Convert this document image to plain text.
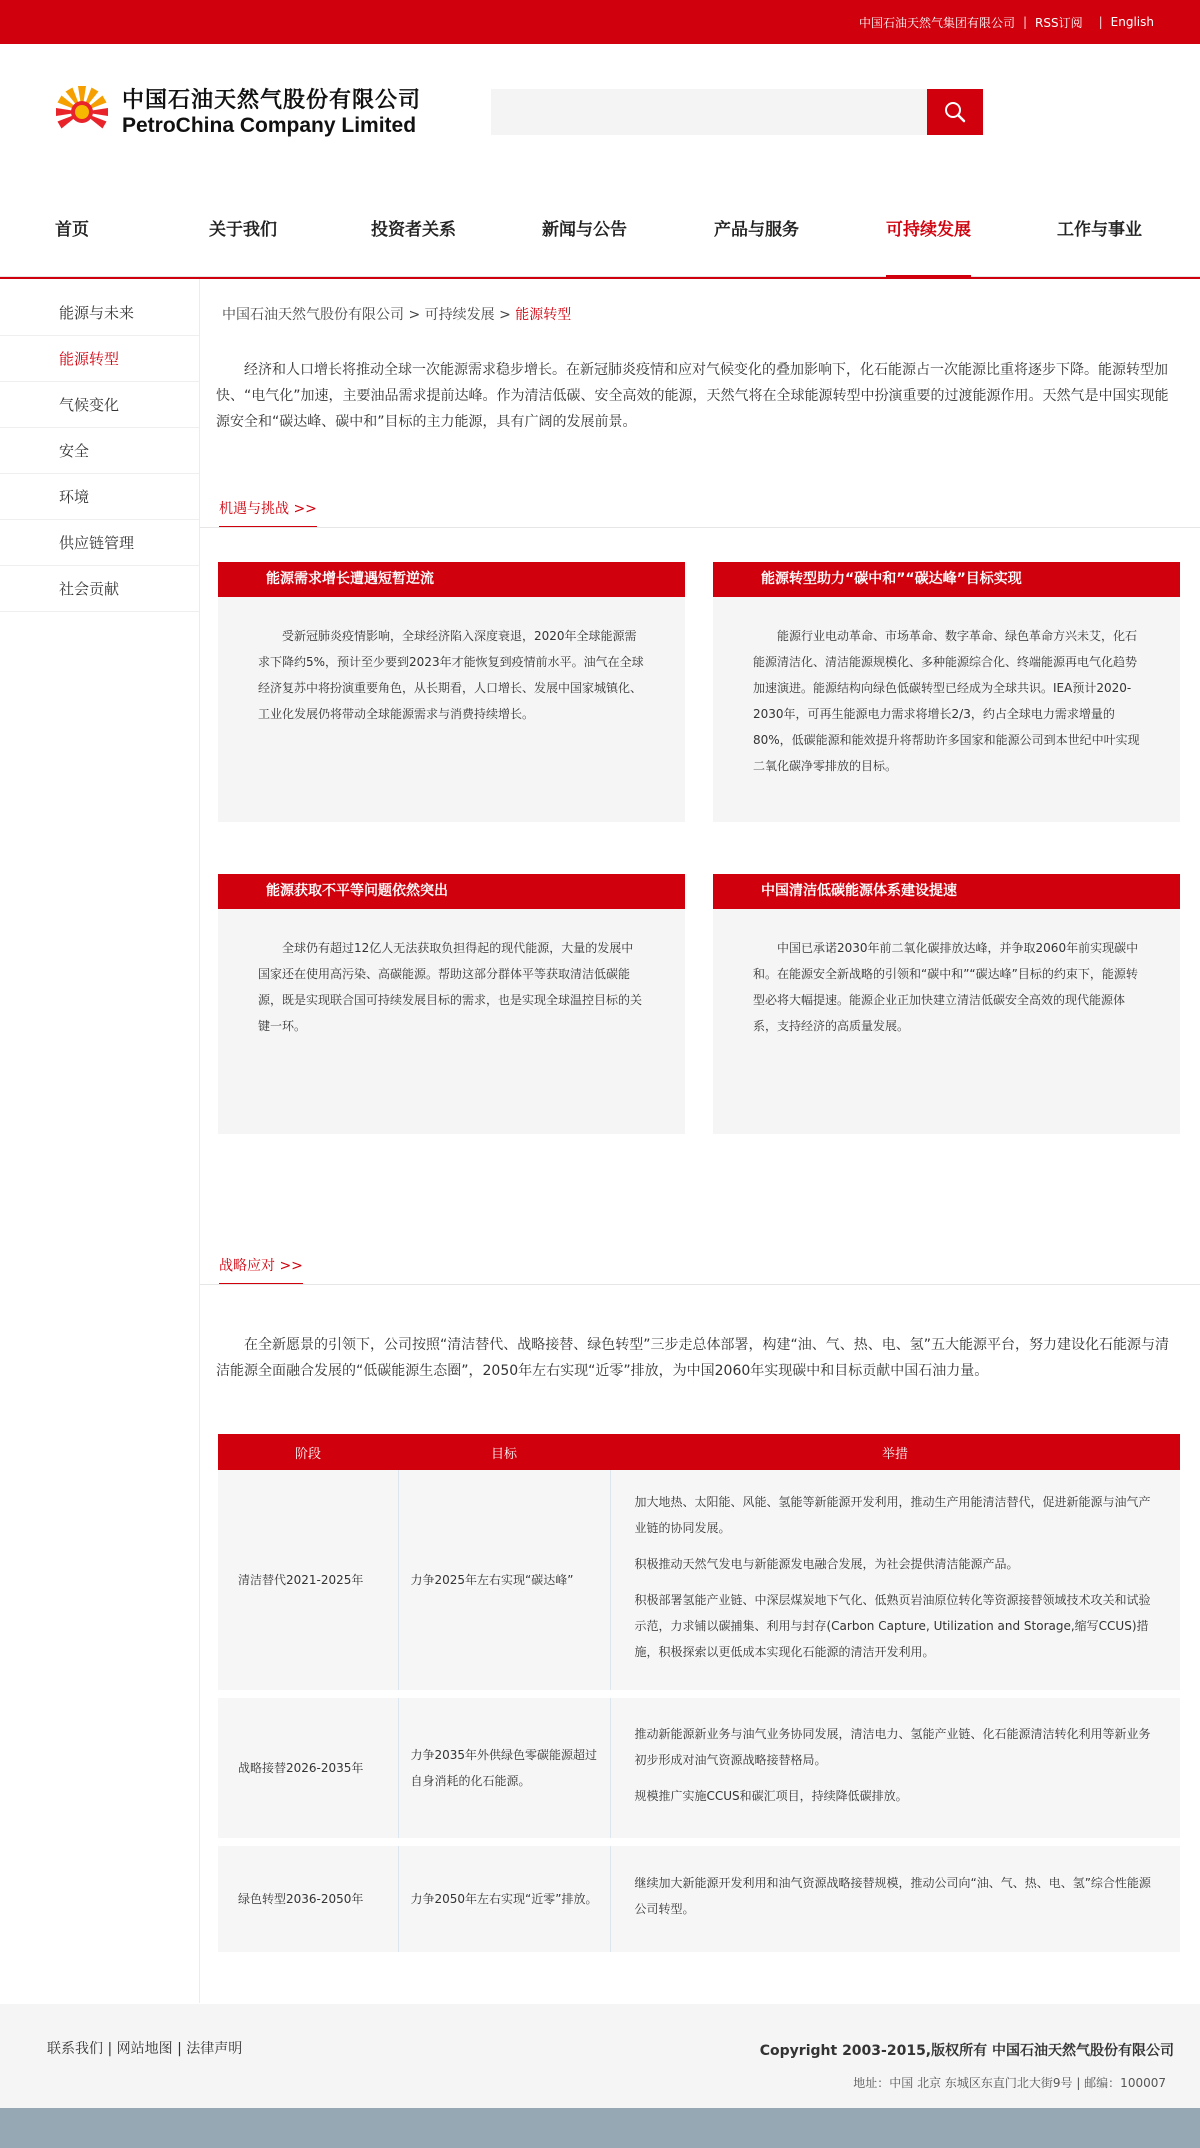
中国石油天然气集团有限公司 | RSS订阅 | English
中国石油天然气股份有限公司
PetroChina Company Limited
首页	关于我们	投资者关系	新闻与公告	产品与服务	可持续发展	工作与事业
能源与未来
能源转型
气候变化
安全
环境
供应链管理
社会贡献
中国石油天然气股份有限公司 > 可持续发展 > 能源转型
经济和人口增长将推动全球一次能源需求稳步增长。在新冠肺炎疫情和应对气候变化的叠加影响下，化石能源占一次能源比重将逐步下降。能源转型加快、“电气化”加速，主要油品需求提前达峰。作为清洁低碳、安全高效的能源，天然气将在全球能源转型中扮演重要的过渡能源作用。天然气是中国实现能源安全和“碳达峰、碳中和”目标的主力能源，具有广阔的发展前景。
机遇与挑战 >>
能源需求增长遭遇短暂逆流
受新冠肺炎疫情影响，全球经济陷入深度衰退，2020年全球能源需求下降约5%，预计至少要到2023年才能恢复到疫情前水平。油气在全球经济复苏中将扮演重要角色，从长期看，人口增长、发展中国家城镇化、工业化发展仍将带动全球能源需求与消费持续增长。
能源转型助力“碳中和”“碳达峰”目标实现
能源行业电动革命、市场革命、数字革命、绿色革命方兴未艾，化石能源清洁化、清洁能源规模化、多种能源综合化、终端能源再电气化趋势加速演进。能源结构向绿色低碳转型已经成为全球共识。IEA预计2020-2030年，可再生能源电力需求将增长2/3，约占全球电力需求增量的80%，低碳能源和能效提升将帮助许多国家和能源公司到本世纪中叶实现二氧化碳净零排放的目标。
能源获取不平等问题依然突出
全球仍有超过12亿人无法获取负担得起的现代能源，大量的发展中国家还在使用高污染、高碳能源。帮助这部分群体平等获取清洁低碳能源，既是实现联合国可持续发展目标的需求，也是实现全球温控目标的关键一环。
中国清洁低碳能源体系建设提速
中国已承诺2030年前二氧化碳排放达峰，并争取2060年前实现碳中和。在能源安全新战略的引领和“碳中和”“碳达峰”目标的约束下，能源转型必将大幅提速。能源企业正加快建立清洁低碳安全高效的现代能源体系，支持经济的高质量发展。
战略应对 >>
在全新愿景的引领下，公司按照“清洁替代、战略接替、绿色转型”三步走总体部署，构建“油、气、热、电、氢”五大能源平台，努力建设化石能源与清洁能源全面融合发展的“低碳能源生态圈”，2050年左右实现“近零”排放，为中国2060年实现碳中和目标贡献中国石油力量。
阶段	目标	举措
清洁替代2021-2025年	力争2025年左右实现“碳达峰”	加大地热、太阳能、风能、氢能等新能源开发利用，推动生产用能清洁替代，促进新能源与油气产业链的协同发展。

积极推动天然气发电与新能源发电融合发展，为社会提供清洁能源产品。

积极部署氢能产业链、中深层煤炭地下气化、低熟页岩油原位转化等资源接替领域技术攻关和试验示范，力求铺以碳捕集、利用与封存(Carbon Capture, Utilization and Storage,缩写CCUS)措施，积极探索以更低成本实现化石能源的清洁开发利用。

战略接替2026-2035年	力争2035年外供绿色零碳能源超过自身消耗的化石能源。	推动新能源新业务与油气业务协同发展，清洁电力、氢能产业链、化石能源清洁转化利用等新业务初步形成对油气资源战略接替格局。

规模推广实施CCUS和碳汇项目，持续降低碳排放。

绿色转型2036-2050年	力争2050年左右实现“近零”排放。	继续加大新能源开发利用和油气资源战略接替规模，推动公司向“油、气、热、电、氢”综合性能源公司转型。

联系我们 | 网站地图 | 法律声明	Copyright 2003-2015,版权所有 中国石油天然气股份有限公司
地址：中国 北京 东城区东直门北大街9号 | 邮编：100007
